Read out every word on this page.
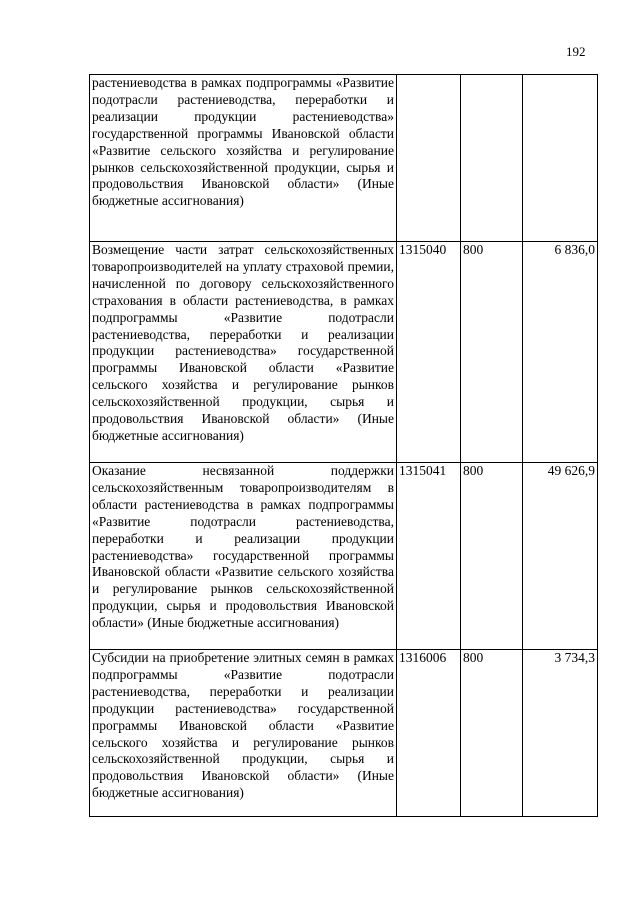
192
растениеводства в рамках подпрограммы «Развитие подотрасли растениеводства, переработки и реализации продукции растениеводства» государственной программы Ивановской области «Развитие сельского хозяйства и регулирование рынков сельскохозяйственной продукции, сырья и продовольствия Ивановской области» (Иные бюджетные ассигнования)			
Возмещение части затрат сельскохозяйственных товаропроизводителей на уплату страховой премии, начисленной по договору сельскохозяйственного страхования в области растениеводства, в рамках подпрограммы «Развитие подотрасли растениеводства, переработки и реализации продукции растениеводства» государственной программы Ивановской области «Развитие сельского хозяйства и регулирование рынков сельскохозяйственной продукции, сырья и продовольствия Ивановской области» (Иные бюджетные ассигнования)	1315040	800	6 836,0
Оказание несвязанной поддержки сельскохозяйственным товаропроизводителям в области растениеводства в рамках подпрограммы «Развитие подотрасли растениеводства, переработки и реализации продукции растениеводства» государственной программы Ивановской области «Развитие сельского хозяйства и регулирование рынков сельскохозяйственной продукции, сырья и продовольствия Ивановской области» (Иные бюджетные ассигнования)	1315041	800	49 626,9
Субсидии на приобретение элитных семян в рамках подпрограммы «Развитие подотрасли растениеводства, переработки и реализации продукции растениеводства» государственной программы Ивановской области «Развитие сельского хозяйства и регулирование рынков сельскохозяйственной продукции, сырья и продовольствия Ивановской области» (Иные бюджетные ассигнования)	1316006	800	3 734,3
